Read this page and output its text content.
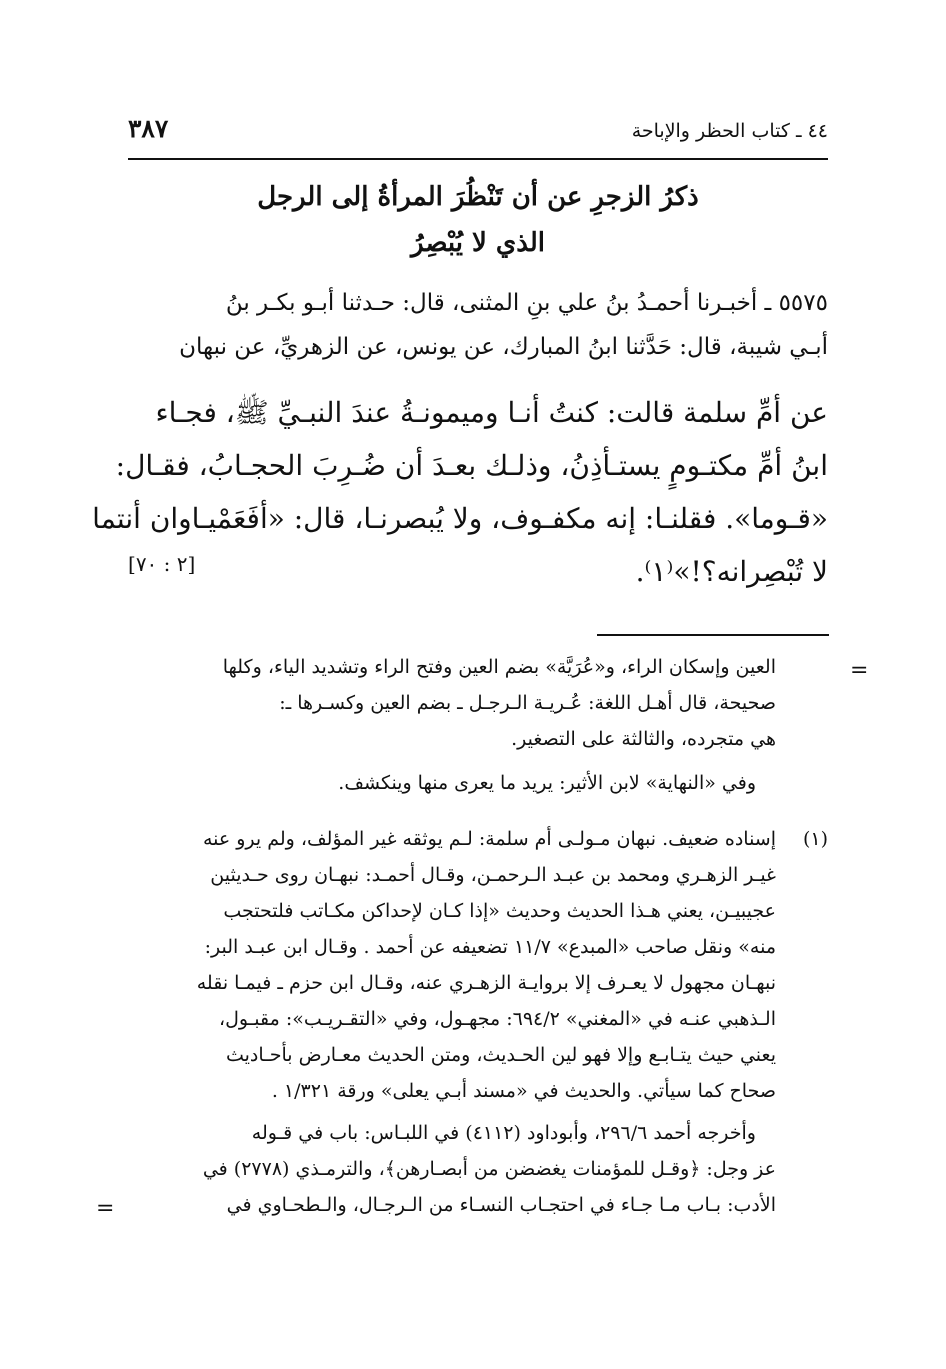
٤٤ ـ كتاب الحظر والإباحة
٣٨٧
ذكرُ الزجرِ عن أن تَنْظُرَ المرأةُ إلى الرجل
الذي لا يُبْصِرُ
٥٥٧٥ ـ أخبـرنا أحمـدُ بنُ علي بنِ المثنى، قال: حـدثنا أبـو بكـر بنُ
أبـي شيبة، قال: حَدَّثنا ابنُ المبارك، عن يونس، عن الزهريِّ، عن نبهان
عن أمِّ سلمة قالت: كنتُ أنـا وميمونـةُ عندَ النبـيِّ ﷺ، فجـاء
ابنُ أمِّ مكتـومٍ يستـأذِنُ، وذلـك بعـدَ أن ضُـرِبَ الحجـابُ، فقـال:
«قـوما». فقلنـا: إنه مكفـوف، ولا يُبصرنـا، قال: «أفَعَمْيـاوان أنتما
لا تُبْصِرانه؟!»⁽١⁾.
[٢ : ٧٠]
=
العين وإسكان الراء، و«عُرَيَّة» بضم العين وفتح الراء وتشديد الياء، وكلها
صحيحة، قال أهـل اللغة: عُـريـة الـرجـل ـ بضم العين وكسـرها ـ:
هي متجرده، والثالثة على التصغير.
وفي «النهاية» لابن الأثير: يريد ما يعرى منها وينكشف.
(١)
إسناده ضعيف. نبهان مـولـى أم سلمة: لـم يوثقه غير المؤلف، ولم يرو عنه
غيـر الزهـري ومحمد بن عبـد الـرحمـن، وقـال أحمـد: نبهـان روى حـديثين
عجيبيـن، يعني هـذا الحديث وحديث «إذا كـان لإحداكن مكـاتب فلتحتجب
منه» ونقل صاحب «المبدع» ١١/٧ تضعيفه عن أحمد . وقـال ابن عبـد البر:
نبهـان مجهول لا يعـرف إلا بروايـة الزهـري عنه، وقـال ابن حزم ـ فيمـا نقله
الـذهبي عنـه في «المغني» ٦٩٤/٢: مجهـول، وفي «التقـريـب»: مقبـول،
يعني حيث يتـابـع وإلا فهو لين الحـديث، ومتن الحديث معـارض بأحـاديث
صحاح كما سيأتي. والحديث في «مسند أبـي يعلى» ورقة ١/٣٢١ .
وأخرجه أحمد ٢٩٦/٦، وأبوداود (٤١١٢) في اللبـاس: باب في قـوله
عز وجل: ﴿وقـل للمؤمنات يغضضن من أبصـارهن﴾، والترمـذي (٢٧٧٨) في
الأدب: بـاب مـا جـاء في احتجـاب النسـاء من الـرجـال، والـطحـاوي في
=
